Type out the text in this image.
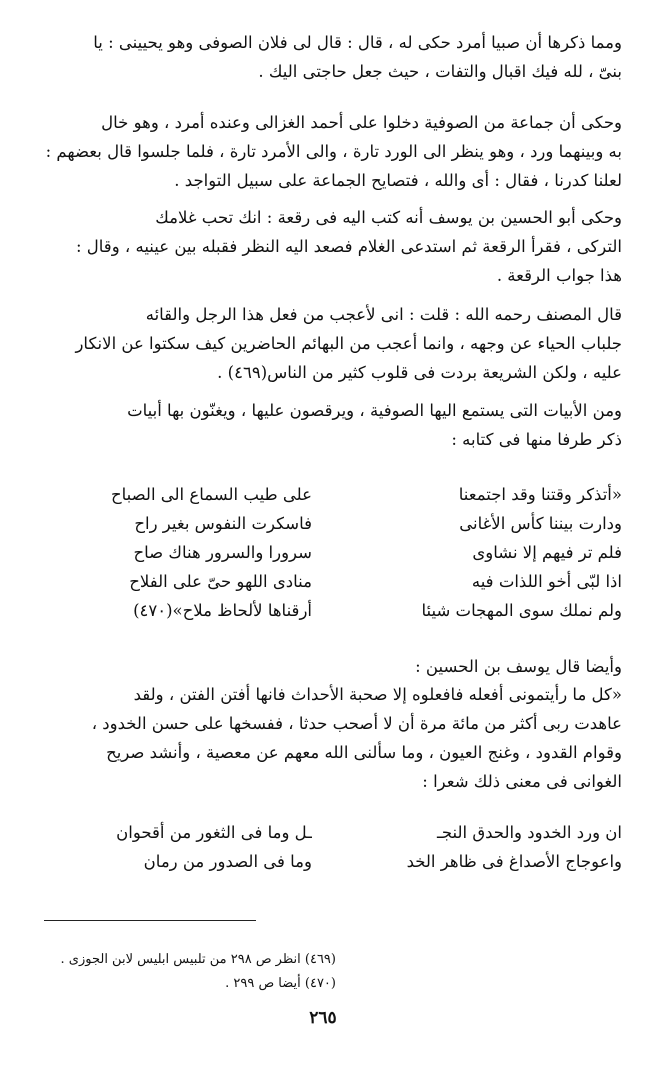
ومما ذكرها أن صبيا أمرد حكى له ، قال : قال لى فلان الصوفى وهو يحيينى : يا
بنىّ ، لله فيك اقبال والتفات ، حيث جعل حاجتى اليك .

وحكى أن جماعة من الصوفية دخلوا على أحمد الغزالى وعنده أمرد ، وهو خال
به وبينهما ورد ، وهو ينظر الى الورد تارة ، والى الأمرد تارة ، فلما جلسوا قال بعضهم :
لعلنا كدرنا ، فقال : أى والله ، فتصايح الجماعة على سبيل التواجد .

وحكى أبو الحسين بن يوسف أنه كتب اليه فى رقعة : انك تحب غلامك
التركى ، فقرأ الرقعة ثم استدعى الغلام فصعد اليه النظر فقبله بين عينيه ، وقال :
هذا جواب الرقعة .

قال المصنف رحمه الله : قلت : انى لأعجب من فعل هذا الرجل والقائه
جلباب الحياء عن وجهه ، وانما أعجب من البهائم الحاضرين كيف سكتوا عن الانكار
عليه ، ولكن الشريعة بردت فى قلوب كثير من الناس(٤٦٩) .

ومن الأبيات التى يستمع اليها الصوفية ، ويرقصون عليها ، ويغنّون بها أبيات
ذكر طرفا منها فى كتابه :

«أتذكر وقتنا وقد اجتمعنا
على طيب السماع الى الصباح
ودارت بيننا كأس الأغانى
فاسكرت النفوس بغير راح
فلم تر فيهم إلا نشاوى
سرورا والسرور هناك صاح
اذا لبّى أخو اللذات فيه
منادى اللهو حىّ على الفلاح
ولم نملك سوى المهجات شيئا
أرقناها لألحاظ ملاح»(٤٧٠)

وأيضا قال يوسف بن الحسين :

«كل ما رأيتمونى أفعله فافعلوه إلا صحبة الأحداث فانها أفتن الفتن ، ولقد
عاهدت ربى أكثر من مائة مرة أن لا أصحب حدثا ، ففسخها على حسن الخدود ،
وقوام القدود ، وغنج العيون ، وما سألنى الله معهم عن معصية ، وأنشد صريح
الغوانى فى معنى ذلك شعرا :

ان ورد الخدود والحدق النجـ
ـل وما فى الثغور من أقحوان
واعوجاج الأصداغ فى ظاهر الخد
وما فى الصدور من رمان
(٤٦٩) انظر ص ٢٩٨ من تلبيس ابليس لابن الجوزى .
(٤٧٠) أيضا ص ٢٩٩ .
٢٦٥
